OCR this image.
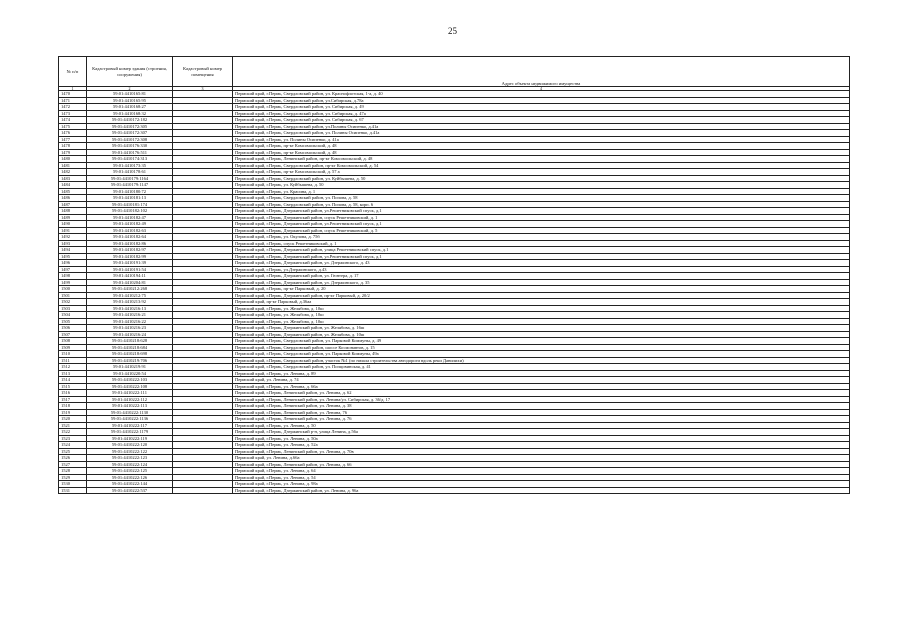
25
№ п/п	Кадастровый номер здания (строения, сооружения)	Кадастровый номер помещения	Адрес объекта недвижимого имущества
1	2	3	4
1470	59:01:4410165:81		Пермский край, г.Пермь, Свердловский район, ул. Краснофлотская, 1-а, д. 40
1471	59:01:4410165:95		Пермский край, г.Пермь, Свердловский район, ул.Сибирская, д.78а
1472	59:01:4410168:27		Пермский край, г.Пермь, Свердловский район, ул. Сибирская, д. 49
1473	59:01:4410168:32		Пермский край, г.Пермь, Свердловский район, ул. Сибирская, д. 47а
1474	59:01:4410172:182		Пермский край, г.Пермь, Свердловский район, ул. Сибирская, д. 67
1475	59:01:4410172:305		Пермский край, г.Пермь, Свердловский район, ул.Полины Осипенко, д.41а
1476	59:01:4410172:307		Пермский край, г.Пермь, Свердловский район, ул. Полины Осипенко, д.41а
1477	59:01:4410172:308		Пермский край, г.Пермь, ул. Полины Осипенко, д. 41а
1478	59:01:4410176:330		Пермский край, г.Пермь, пр-кт Комсомольский, д. 48
1479	59:01:4410176:511		Пермский край, г.Пермь, пр-кт Комсомольский, д. 48
1480	59:01:4410174:313		Пермский край, г.Пермь, Ленинский район, пр-кт Комсомольский, д. 48
1481	59:01:4410173:35		Пермский край, г.Пермь, Свердловский район, пр-кт Комсомольский, д. 54
1482	59:01:4410178:61		Пермский край, г.Пермь, пр-кт Комсомольский, д. 57 а
1483	59:01:4410179:1164		Пермский край, г.Пермь, Свердловский район, ул. Куйбышева, д. 50
1484	59:01:4410179:1147		Пермский край, г.Пермь, ул. Куйбышева, д. 50
1485	59:01:4410180:72		Пермский край, г.Пермь, ул. Красина, д. 1
1486	59:01:4410181:13		Пермский край, г.Пермь, Свердловский район, ул. Попова, д. 58
1487	59:01:4410181:174		Пермский край, г.Пермь, Свердловский район, ул. Попова, д. 58, корп. 6
1488	59:01:4410182:102		Пермский край, г.Пермь, Дзержинский район, ул.Решетниковский спуск, д.1
1489	59:01:4410182:47		Пермский край, г.Пермь, Дзержинский район, спуск Решетниковский, д. 1
1490	59:01:4410182:49		Пермский край, г.Пермь, Дзержинский район, ул.Решетниковский спуск, д.1
1491	59:01:4410182:63		Пермский край, г.Пермь, Дзержинский район, спуск Решетниковский, д. 5
1492	59:01:4410182:64		Пермский край, г.Пермь, ул. Окулова, д. 75б
1493	59:01:4410182:86		Пермский край, г.Пермь, спуск Решетниковский, д. 1
1494	59:01:4410182:97		Пермский край, г.Пермь, Дзержинский район, улица Решетниковский спуск, д.1
1495	59:01:4410182:99		Пермский край, г.Пермь, Дзержинский район, ул.Решетниковский спуск, д.1
1496	59:01:4410191:39		Пермский край, г.Пермь, Дзержинский район, ул. Дзержинского, д. 43
1497	59:01:4410191:54		Пермский край, г.Пермь, ул.Дзержинского, д.43
1498	59:01:4410194:11		Пермский край, г.Пермь, Дзержинский район, ул. Гюнтера, д. 17
1499	59:01:4410204:81		Пермский край, г.Пермь, Дзержинский район, ул. Дзержинского, д. 35
1500	59:01:4410212:268		Пермский край, г.Пермь, пр-кт Парковый, д. 20
1501	59:01:4410212:75		Пермский край, г.Пермь, Дзержинский район, пр-кт Парковый, д. 20/2
1502	59:01:4410213:92		Пермский край, пр-кт Парковый, д.36аа
1503	59:01:4410216:13		Пермский край, г.Пермь, ул. Желябова, д. 10ш
1504	59:01:4410216:21		Пермский край, г.Пермь, ул. Желябова, д. 10ш
1505	59:01:4410216:22		Пермский край, г.Пермь, ул. Желябова, д. 10ш
1506	59:01:4410216:23		Пермский край, г.Пермь, Дзержинский район, ул. Желябова, д. 16ш
1507	59:01:4410216:24		Пермский край, г.Пермь, Дзержинский район, ул. Желябова, д. 10ш
1508	59:01:4410218:628		Пермский край, г.Пермь, Свердловский район, ул. Парковой Коммуны, д. 49
1509	59:01:4410218:684		Пермский край, г.Пермь, Свердловский район, шоссе Космонавтов, д. 15
1510	59:01:4410218:698		Пермский край, г.Пермь, Свердловский район, ул. Парковой Коммуны, 49а
1511	59:01:4410219:706		Пермский край, г.Пермь, Свердловский район, участок №1 (по начала строительства автодороги вдоль реки Данилихи)
1512	59:01:4410219:91		Пермский край, г.Пермь, Свердловский район, ул. Попцовинская, д. 41
1513	59:01:4410220:54		Пермский край, г.Пермь, ул. Ленина, д. 89
1514	59:01:4410222:103		Пермский край, ул. Ленина, д. 74
1515	59:01:4410222:108		Пермский край, г.Пермь, ул. Ленина, д. 66а
1516	59:01:4410222:111		Пермский край, г.Пермь, Ленинский район, ул. Ленина, д. 62
1517	59:01:4410222:112		Пермский край, г.Пермь, Ленинский район, ул. Ленина/ул. Сибирская, д. 36/д. 17
1518	59:01:4410222:113		Пермский край, г.Пермь, Ленинский район, ул. Ленина, д. 38
1519	59:01:4410222:1130		Пермский край, г.Пермь, Ленинский район, ул. Ленина, 76
1520	59:01:4410222:1136		Пермский край, г.Пермь, Ленинский район, ул. Ленина, д. 76
1521	59:01:4410222:117		Пермский край, г.Пермь, ул. Ленина, д. 50
1522	59:01:4410222:1179		Пермский край, г.Пермь, Дзержинский р-н, улица Ленина, д.56а
1523	59:01:4410222:119		Пермский край, г.Пермь, ул. Ленина, д. 50а
1524	59:01:4410222:120		Пермский край, г.Пермь, ул. Ленина, д. 52а
1525	59:01:4410222:122		Пермский край, г.Пермь, Ленинский район, ул. Ленина, д. 70в
1526	59:01:4410222:123		Пермский край, ул. Ленина, д.66а
1527	59:01:4410222:124		Пермский край, г.Пермь, Ленинский район, ул. Ленина, д. 66
1528	59:01:4410222:125		Пермский край, г.Пермь, ул. Ленина, д. 64
1529	59:01:4410222:126		Пермский край, г.Пермь, ул. Ленина, д. 54
1530	59:01:4410222:144		Пермский край, г.Пермь, ул. Ленина, д. 98а
1531	59:01:4410222:537		Пермский край, г.Пермь, Дзержинский район, ул. Ленина, д. 96а
